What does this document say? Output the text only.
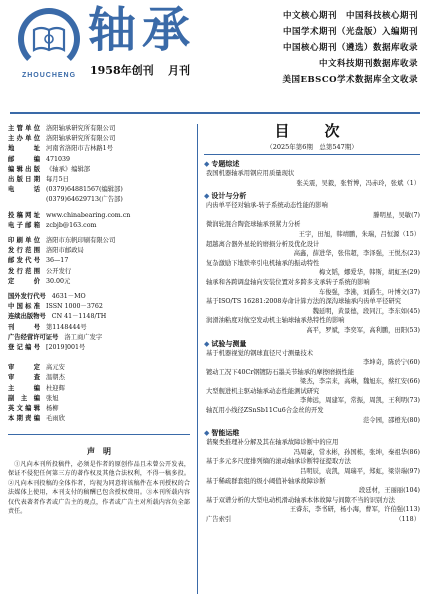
ZHOUCHENG
轴承
1958年创刊 月刊
中文核心期刊　中国科技核心期刊
中国学术期刊（光盘版）入编期刊
中国核心期刊（遴选）数据库收录
中文科技期刊数据库收录
美国EBSCO学术数据库全文收录
主管单位 洛阳轴承研究所有限公司
主办单位 洛阳轴承研究所有限公司
地址 河南省洛阳市吉林路1号
邮编 471039
编辑出版 《轴承》编辑部
出版日期 每月5日
电话 (0379)64881567(编辑部)
(0379)64629713(广告部)
投稿网址 www.chinabearing.com.cn
电子邮箱 zcbjb@163.com
印刷单位 洛阳市东帆印刷有限公司
发行范围 洛阳市邮政局
邮发代号 36—17
发行范围 公开发行
定价 30.00元
国外发行代号 4631－MO
中国标准 ISSN 1000－3762
连续出版物号 CN 41－1148/TH
刊号 第1148444号
广告经营许可证号 洛工商广发字
登记编号 [2019]001号
审定 高元安
审查 温朝杰
主编 杜迎辉
副主编 张旭
英文编辑 杨柳
本期责编 毛雨欣
声　明

①凡向本刊所投稿件，必须是作者的原创作品且未曾公开发表，保证不侵犯任何第三方的著作权及其他合法权利，不得一稿多投。②凡向本刊投稿的全体作者，均视为同意将该稿件在本刊授权的合法媒体上使用，本刊支付的稿酬已包含授权费用。③本刊所载内容仅代表著者作者或广告主的观点，作者或广告主对所载内容负全部责任。

目　次
（2025年第6期　总第547期）
◆ 专题综述
我国机器轴承用钢应用质量现状
张关震，吴毅，张哲博，冯赤玲，张斌（1）
◆ 设计与分析
内齿单平径对轴承-转子系统动态性能的影响
滕明星，吴敏(7)
微润轮混合陶瓷球轴承预紧力分析
王宇，田旭，韩靖鹏，朱瑞，吕恒源（15）
超越离合器外星轮的磨损分析及优化设计
高鑫，薛进华，张伟超，李泽强，王悦杰(23)
复杂激励下地铁牵引电机轴承的振动特性
梅文韬，娜爱华，韩斯，胡虹圣(29)
轴承和各跨调盘轴向安装位置对多跨多支承转子系统的影响
车俊强，李沸，刘爵生，叶博文(37)
基于ISO/TS 16281:2008寿命计算方法的深沟球轴承内齿单平径研究
魏延明，黄景德，段同江，李东如(45)
润滑油粘度对航空发动机主轴球轴承热特性的影响
高平，罗斌，李奕军，高利鹏，田阳(53)
◆ 试验与测量
基于机器视觉的钢球直径尺寸测量技术
李坤奇，陈於宁(60)
镀动工况下40Cr钢镀防石墨关节轴承的摩擦磨损性能
梁杰，李宗来，高琳，魏旭东，蔡红安(66)
大型舰进机主驱动轴承动态性能测试研究
李帅远，周建军，常振，周凯，王利明(73)
轴瓦用小线径ZSnSb11Cu6合金丝的开发
范令园，邵橙光(80)
◆ 智能运维
谐聚类推理补分解及其在轴承故障诊断中的应用
冯周豪，常永彬，孙国栋，张坤，秦祖华(86)
基于多元多尺度排列熵的滚动轴承诊断特征提取方法
吕明辰，袁凯，周瑞平，郑虹，梁崇瑞(97)
基于稀疏群套组的级小阈值补轴承故障诊断
段廷材，王丽丽(104)
基于双谱分析的大型电动机滑动轴承本体故障与间隙不当的识别方法
王睿东，李书研，杨小海，曹军，许伯强(113)
广告索引	（118）
